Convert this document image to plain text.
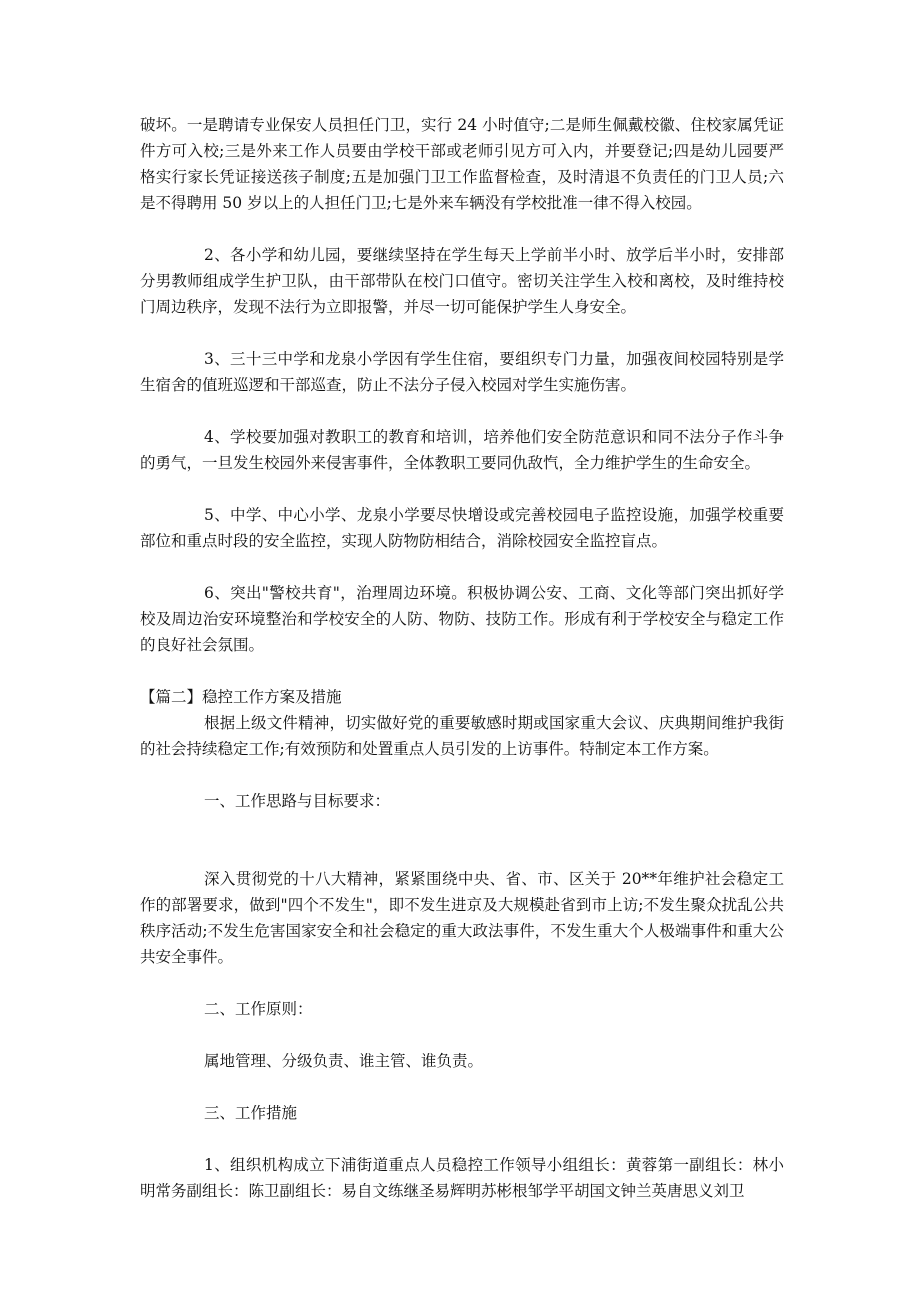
破坏。一是聘请专业保安人员担任门卫，实行 24 小时值守;二是师生佩戴校徽、住校家属凭证件方可入校;三是外来工作人员要由学校干部或老师引见方可入内，并要登记;四是幼儿园要严格实行家长凭证接送孩子制度;五是加强门卫工作监督检查，及时清退不负责任的门卫人员;六是不得聘用 50 岁以上的人担任门卫;七是外来车辆没有学校批准一律不得入校园。

2、各小学和幼儿园，要继续坚持在学生每天上学前半小时、放学后半小时，安排部分男教师组成学生护卫队，由干部带队在校门口值守。密切关注学生入校和离校，及时维持校门周边秩序，发现不法行为立即报警，并尽一切可能保护学生人身安全。

3、三十三中学和龙泉小学因有学生住宿，要组织专门力量，加强夜间校园特别是学生宿舍的值班巡逻和干部巡查，防止不法分子侵入校园对学生实施伤害。

4、学校要加强对教职工的教育和培训，培养他们安全防范意识和同不法分子作斗争的勇气，一旦发生校园外来侵害事件，全体教职工要同仇敌忾，全力维护学生的生命安全。

5、中学、中心小学、龙泉小学要尽快增设或完善校园电子监控设施，加强学校重要部位和重点时段的安全监控，实现人防物防相结合，消除校园安全监控盲点。

6、突出"警校共育"，治理周边环境。积极协调公安、工商、文化等部门突出抓好学校及周边治安环境整治和学校安全的人防、物防、技防工作。形成有利于学校安全与稳定工作的良好社会氛围。

【篇二】稳控工作方案及措施

根据上级文件精神，切实做好党的重要敏感时期或国家重大会议、庆典期间维护我街的社会持续稳定工作;有效预防和处置重点人员引发的上访事件。特制定本工作方案。

一、工作思路与目标要求：

深入贯彻党的十八大精神，紧紧围绕中央、省、市、区关于 20**年维护社会稳定工作的部署要求，做到"四个不发生"，即不发生进京及大规模赴省到市上访;不发生聚众扰乱公共秩序活动;不发生危害国家安全和社会稳定的重大政法事件，不发生重大个人极端事件和重大公共安全事件。

二、工作原则：

属地管理、分级负责、谁主管、谁负责。

三、工作措施

1、组织机构成立下浦街道重点人员稳控工作领导小组组长：黄蓉第一副组长：林小明常务副组长：陈卫副组长：易自文练继圣易辉明苏彬根邹学平胡国文钟兰英唐思义刘卫
